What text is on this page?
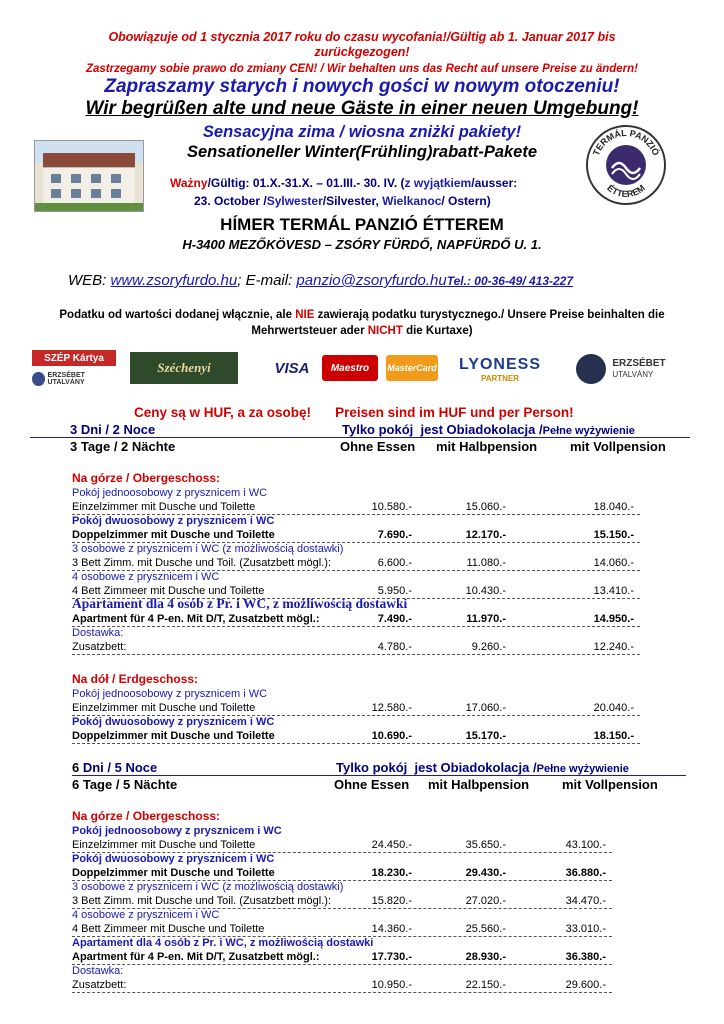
Obowiązuje od 1 stycznia 2017 roku do czasu wycofania!/Gültig ab 1. Januar 2017 bis
zurückgezogen!
Zastrzegamy sobie prawo do zmiany CEN! / Wir behalten uns das Recht auf unsere Preise zu ändern!
Zapraszamy starych i nowych gości w nowym otoczeniu!
Wir begrüßen alte und neue Gäste in einer neuen Umgebung!
Sensacyjna zima / wiosna zniżki pakiety!
Sensationeller Winter(Frühling)rabatt-Pakete	TERMÁL PANZIÓ
ÉTTEREM
Ważny/Gültig: 01.X.-31.X. – 01.III.- 30. IV. (z wyjątkiem/ausser:
23. October /Sylwester/Silvester, Wielkanoc/ Ostern)
HÍMER TERMÁL PANZIÓ ÉTTEREM
H-3400 MEZŐKÖVESD – ZSÓRY FÜRDŐ, NAPFÜRDŐ U. 1.
WEB: www.zsoryfurdo.hu; E-mail: panzio@zsoryfurdo.huTel.: 00-36-49/ 413-227
Podatku od wartości dodanej włącznie, ale NIE zawierają podatku turystycznego./ Unsere Preise beinhalten die
Mehrwertsteuer ader NICHT die Kurtaxe)
SZÉP Kártya
ERZSÉBET UTALVÁNY
Széchenyi	VISA	Maestro	MasterCard LYONESS
PARTNER
ERZSÉBET
UTALVÁNY
Ceny są w HUF, a za osobę! Preisen sind im HUF und per Person!
3 Dni / 2 Noce	Tylko pokój jest Obiadokolacja /Pełne wyżywienie
3 Tage / 2 Nächte	Ohne Essen mit Halbpension	mit Vollpension
Na górze / Obergeschoss:
Pokój jednoosobowy z prysznicem i WC
Einzelzimmer mit Dusche und Toilette	10.580.-	15.060.-	18.040.-
Pokój dwuosobowy z prysznicem i WC
Doppelzimmer mit Dusche und Toilette	7.690.-	12.170.-	15.150.-
3 osobowe z prysznicem i WC (z możliwością dostawki)
3 Bett Zimm. mit Dusche und Toil. (Zusatzbett mögl.):	6.600.-	11.080.-	14.060.-
4 osobowe z prysznicem i WC
4 Bett Zimmeer mit Dusche und Toilette	5.950.-	10.430.-	13.410.-
Apartament dla 4 osób z Pr. i WC, z możliwością dostawki
Apartment für 4 P-en. Mit D/T, Zusatzbett mögl.:	7.490.-	11.970.-	14.950.-
Dostawka:
Zusatzbett:	4.780.-	9.260.-	12.240.-
Na dół / Erdgeschoss:
Pokój jednoosobowy z prysznicem i WC
Einzelzimmer mit Dusche und Toilette	12.580.-	17.060.-	20.040.-
Pokój dwuosobowy z prysznicem i WC
Doppelzimmer mit Dusche und Toilette	10.690.-	15.170.-	18.150.-
6 Dni / 5 Noce	Tylko pokój jest Obiadokolacja /Pełne wyżywienie
6 Tage / 5 Nächte	Ohne Essen mit Halbpension	mit Vollpension
Na górze / Obergeschoss:
Pokój jednoosobowy z prysznicem i WC
Einzelzimmer mit Dusche und Toilette	24.450.-	35.650.-	43.100.-
Pokój dwuosobowy z prysznicem i WC
Doppelzimmer mit Dusche und Toilette	18.230.-	29.430.-	36.880.-
3 osobowe z prysznicem i WC (z możliwością dostawki)
3 Bett Zimm. mit Dusche und Toil. (Zusatzbett mögl.):	15.820.-	27.020.-	34.470.-
4 osobowe z prysznicem i WC
4 Bett Zimmeer mit Dusche und Toilette	14.360.-	25.560.-	33.010.-
Apartament dla 4 osób z Pr. i WC, z możliwością dostawki
Apartment für 4 P-en. Mit D/T, Zusatzbett mögl.:	17.730.-	28.930.-	36.380.-
Dostawka:
Zusatzbett:	10.950.-	22.150.-	29.600.-
